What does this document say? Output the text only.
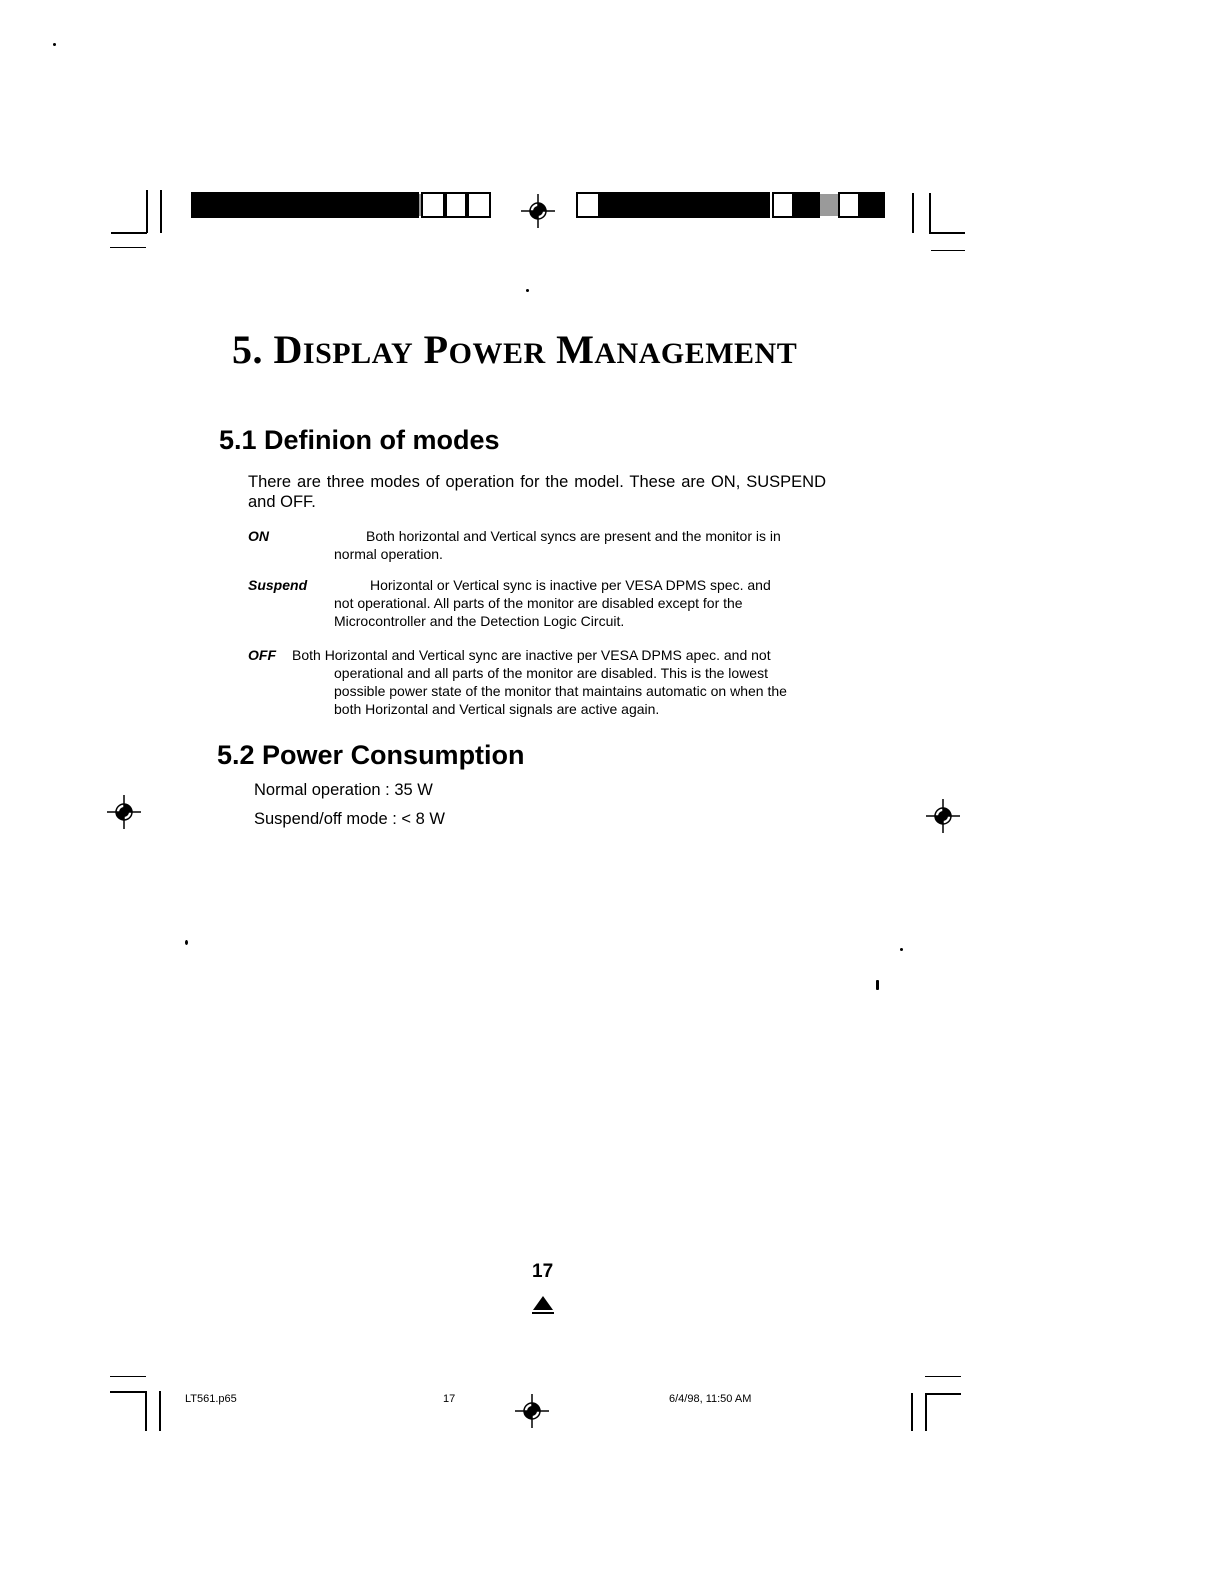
5. DISPLAY POWER MANAGEMENT
5.1 Definion of modes

There are three modes of operation for the model. These are ON, SUSPEND and OFF.

ON	Both horizontal and Vertical syncs are present and the monitor is in

normal operation.

Suspend	Horizontal or Vertical sync is inactive per VESA DPMS spec. and

not operational. All parts of the monitor are disabled except for the Microcontroller and the Detection Logic Circuit.

OFF Both Horizontal and Vertical sync are inactive per VESA DPMS apec. and not

operational and all parts of the monitor are disabled. This is the lowest possible power state of the monitor that maintains automatic on when the both Horizontal and Vertical signals are active again.

5.2 Power Consumption
Normal operation : 35 W
Suspend/off mode : < 8 W
17
LT561.p65	17	6/4/98, 11:50 AM
